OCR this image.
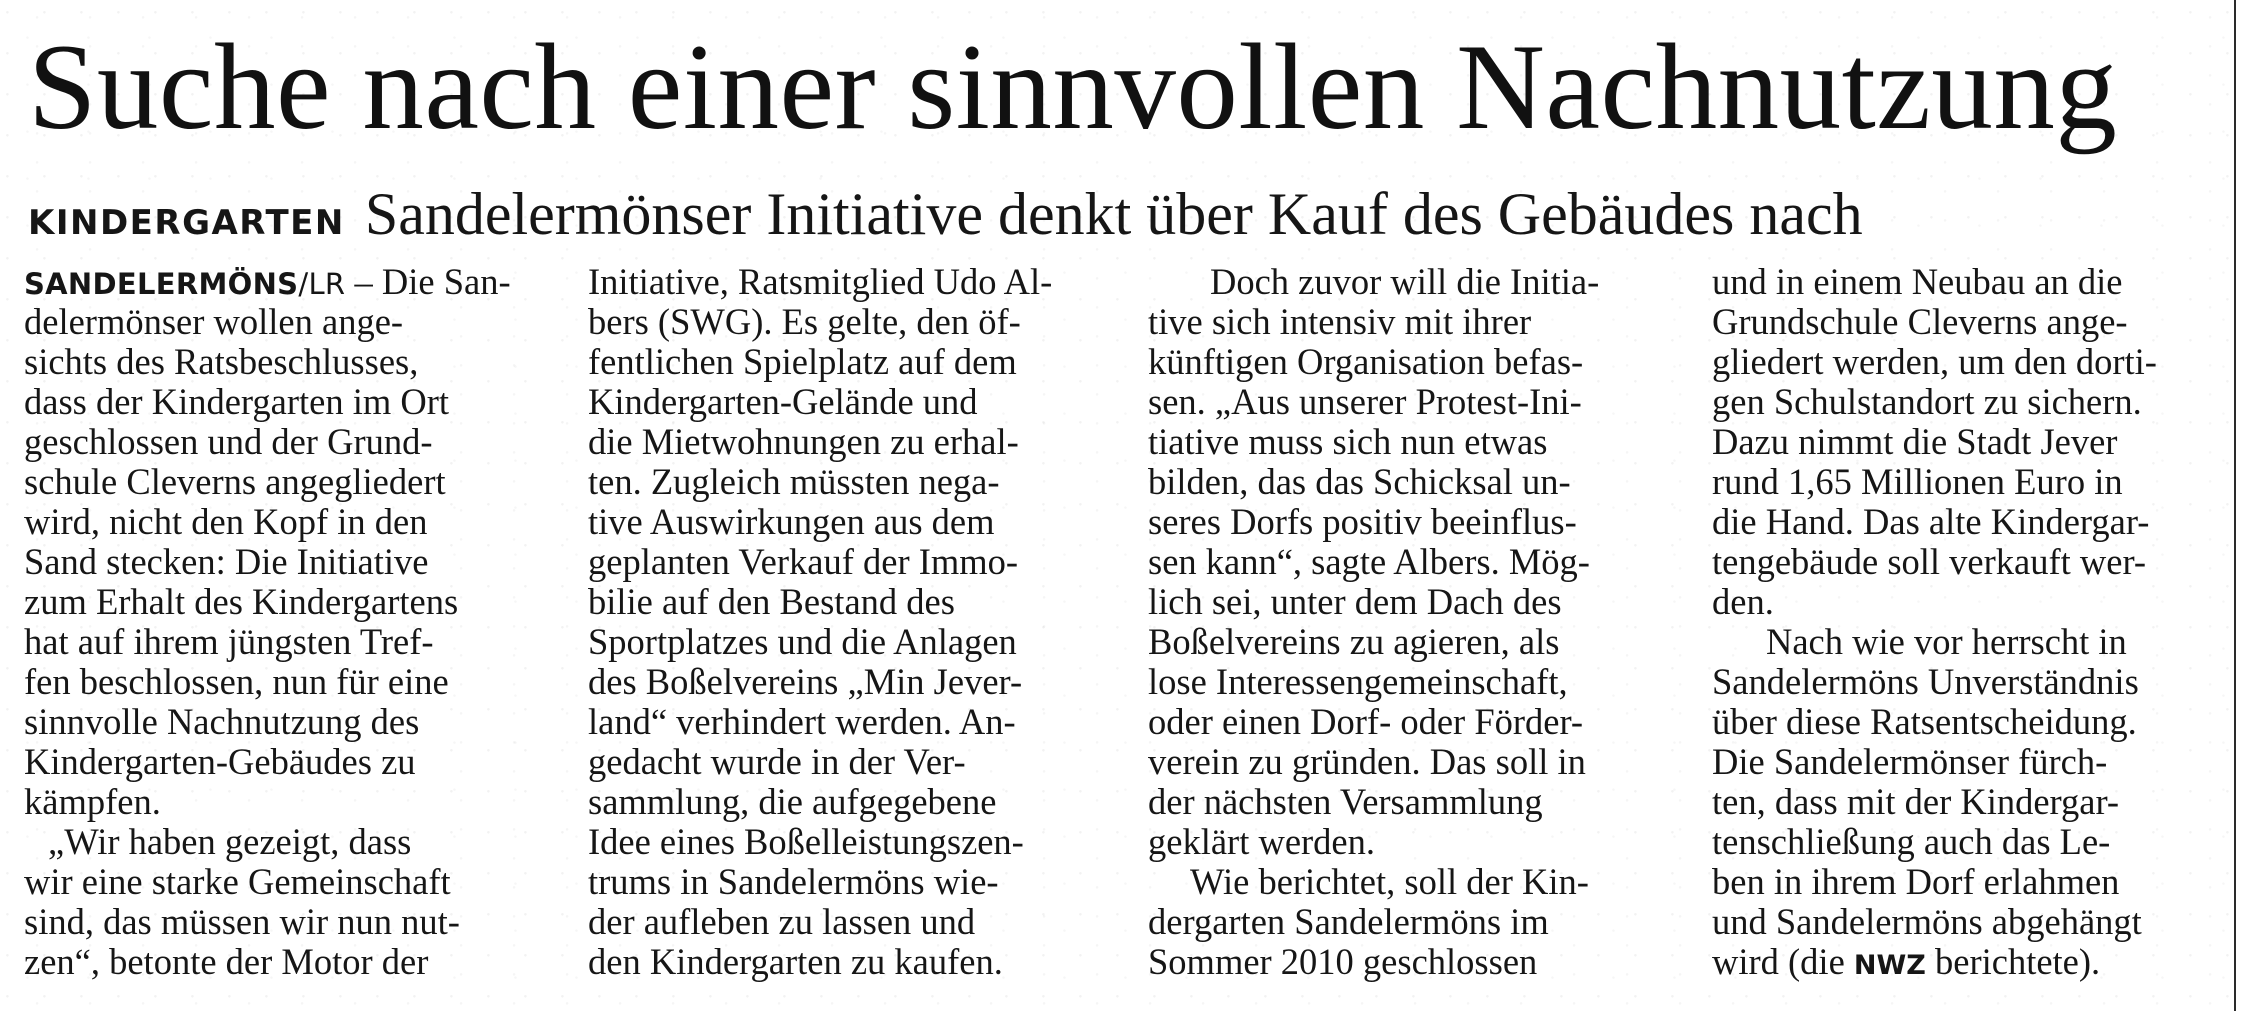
Suche nach einer sinnvollen Nachnutzung
KINDERGARTEN Sandelermönser Initiative denkt über Kauf des Gebäudes nach
SANDELERMÖNS/LR – Die San-
delermönser wollen ange-
sichts des Ratsbeschlusses,
dass der Kindergarten im Ort
geschlossen und der Grund-
schule Cleverns angegliedert
wird, nicht den Kopf in den
Sand stecken: Die Initiative
zum Erhalt des Kindergartens
hat auf ihrem jüngsten Tref-
fen beschlossen, nun für eine
sinnvolle Nachnutzung des
Kindergarten-Gebäudes zu
kämpfen.
„Wir haben gezeigt, dass
wir eine starke Gemeinschaft
sind, das müssen wir nun nut-
zen“, betonte der Motor der
Initiative, Ratsmitglied Udo Al-
bers (SWG). Es gelte, den öf-
fentlichen Spielplatz auf dem
Kindergarten-Gelände und
die Mietwohnungen zu erhal-
ten. Zugleich müssten nega-
tive Auswirkungen aus dem
geplanten Verkauf der Immo-
bilie auf den Bestand des
Sportplatzes und die Anlagen
des Boßelvereins „Min Jever-
land“ verhindert werden. An-
gedacht wurde in der Ver-
sammlung, die aufgegebene
Idee eines Boßelleistungszen-
trums in Sandelermöns wie-
der aufleben zu lassen und
den Kindergarten zu kaufen.
Doch zuvor will die Initia-
tive sich intensiv mit ihrer
künftigen Organisation befas-
sen. „Aus unserer Protest-Ini-
tiative muss sich nun etwas
bilden, das das Schicksal un-
seres Dorfs positiv beeinflus-
sen kann“, sagte Albers. Mög-
lich sei, unter dem Dach des
Boßelvereins zu agieren, als
lose Interessengemeinschaft,
oder einen Dorf- oder Förder-
verein zu gründen. Das soll in
der nächsten Versammlung
geklärt werden.
Wie berichtet, soll der Kin-
dergarten Sandelermöns im
Sommer 2010 geschlossen
und in einem Neubau an die
Grundschule Cleverns ange-
gliedert werden, um den dorti-
gen Schulstandort zu sichern.
Dazu nimmt die Stadt Jever
rund 1,65 Millionen Euro in
die Hand. Das alte Kindergar-
tengebäude soll verkauft wer-
den.
Nach wie vor herrscht in
Sandelermöns Unverständnis
über diese Ratsentscheidung.
Die Sandelermönser fürch-
ten, dass mit der Kindergar-
tenschließung auch das Le-
ben in ihrem Dorf erlahmen
und Sandelermöns abgehängt
wird (die NWZ berichtete).
